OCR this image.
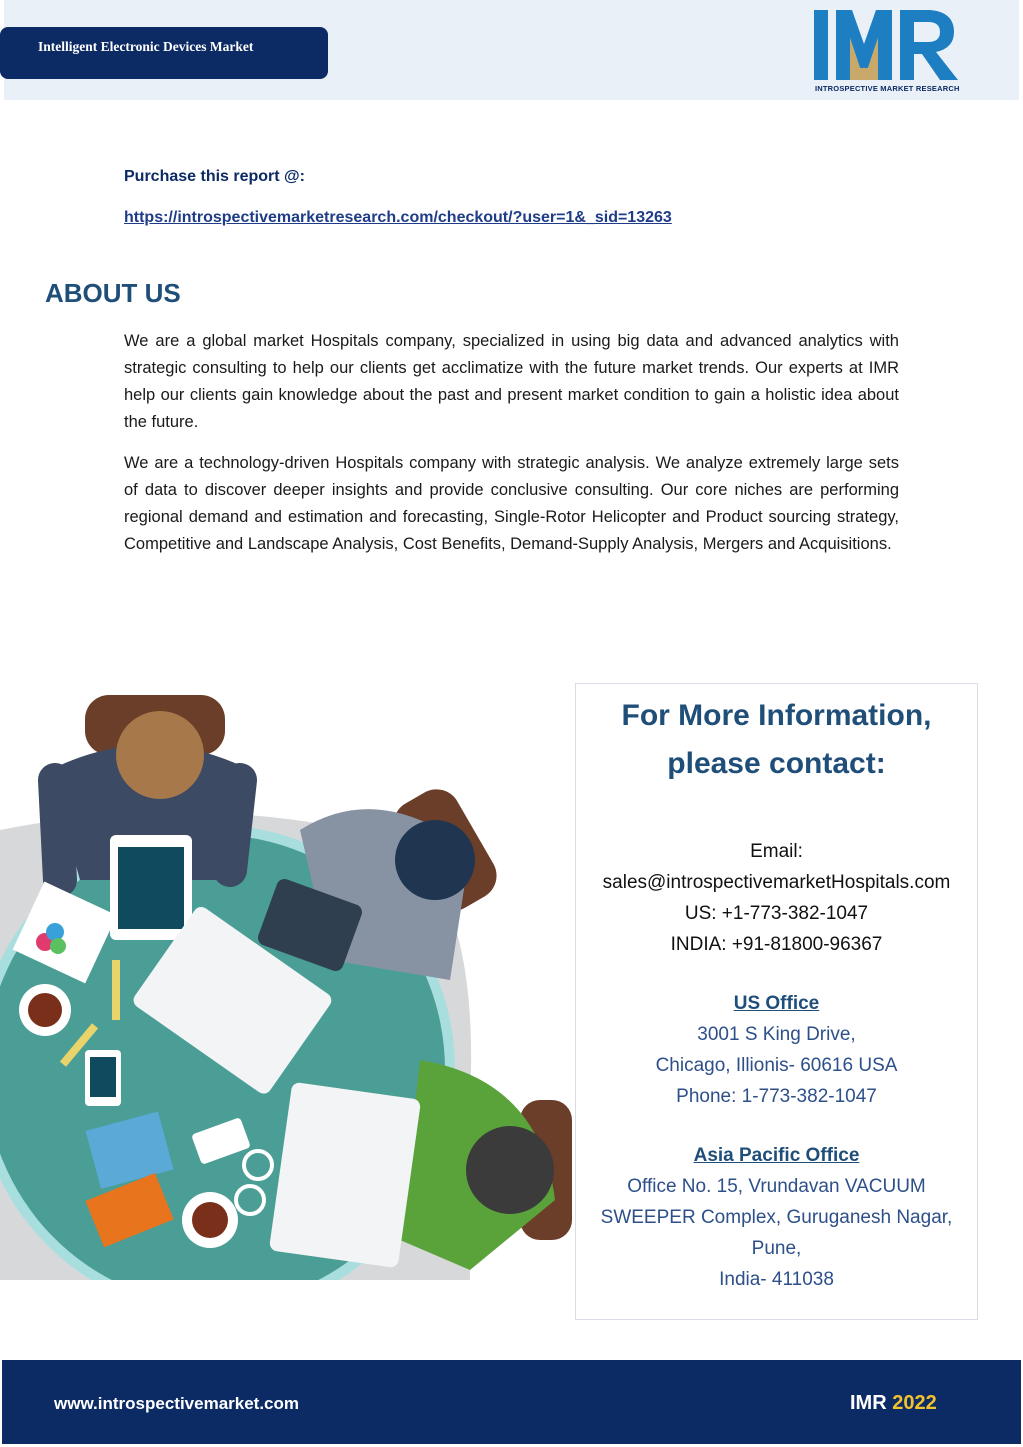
Intelligent Electronic Devices Market
INTROSPECTIVE MARKET RESEARCH
Purchase this report @:
https://introspectivemarketresearch.com/checkout/?user=1&_sid=13263
ABOUT US

We are a global market Hospitals company, specialized in using big data and advanced analytics with strategic consulting to help our clients get acclimatize with the future market trends. Our experts at IMR help our clients gain knowledge about the past and present market condition to gain a holistic idea about the future.

We are a technology-driven Hospitals company with strategic analysis. We analyze extremely large sets of data to discover deeper insights and provide conclusive consulting. Our core niches are performing regional demand and estimation and forecasting, Single-Rotor Helicopter and Product sourcing strategy, Competitive and Landscape Analysis, Cost Benefits, Demand-Supply Analysis, Mergers and Acquisitions.

For More Information,
please contact:
Email:
sales@introspectivemarketHospitals.com
US: +1-773-382-1047
INDIA: +91-81800-96367
US Office
3001 S King Drive,
Chicago, Illionis- 60616 USA
Phone: 1-773-382-1047
Asia Pacific Office
Office No. 15, Vrundavan VACUUM
SWEEPER Complex, Guruganesh Nagar,
Pune,
India- 411038
www.introspectivemarket.com	IMR 2022
